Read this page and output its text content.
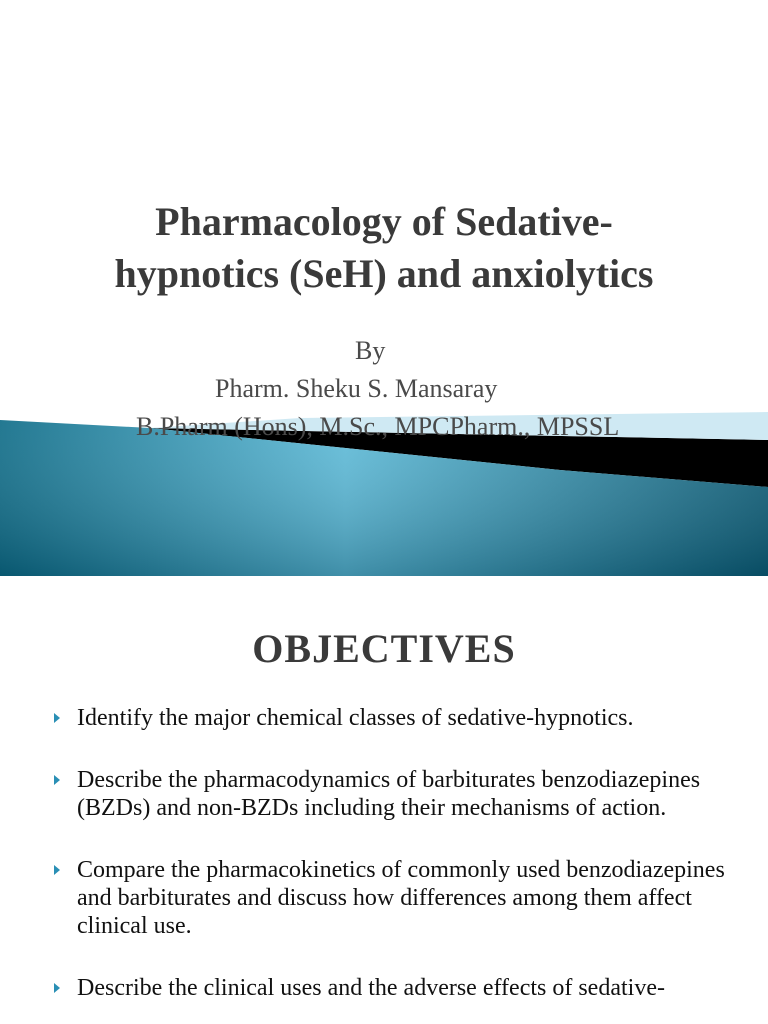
Pharmacology of Sedative-
hypnotics (SeH) and anxiolytics
By
Pharm. Sheku S. Mansaray
B.Pharm (Hons), M.Sc., MPCPharm., MPSSL
OBJECTIVES
Identify the major chemical classes of sedative-hypnotics.
Describe the pharmacodynamics of barbiturates benzodiazepines (BZDs) and non-BZDs including their mechanisms of action.
Compare the pharmacokinetics of commonly used benzodiazepines and barbiturates and discuss how differences among them affect clinical use.
Describe the clinical uses and the adverse effects of sedative-
